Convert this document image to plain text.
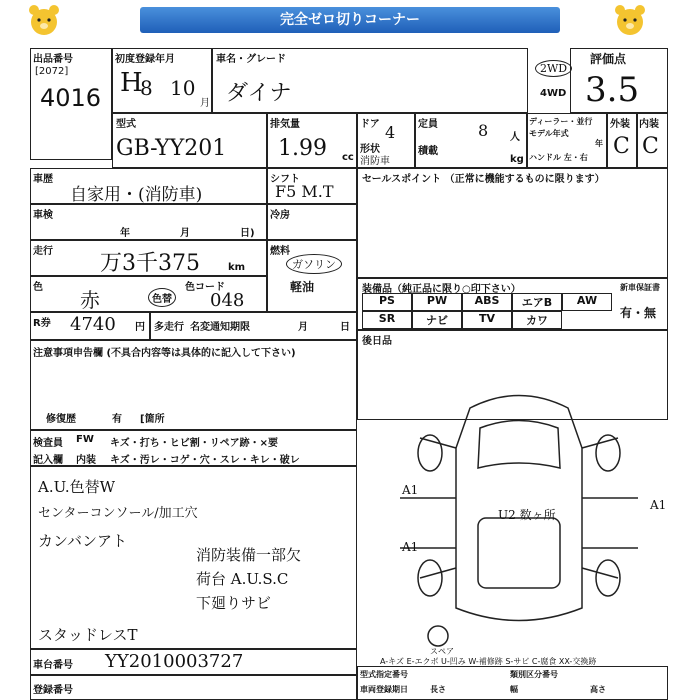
完全ゼロ切りコーナー
出品番号
[2072]
4016
初度登録年月
H
8 10
月
車名・グレード
ダイナ
2WD
4WD
評価点
3.5
型式
GB-YY201
排気量
1.99 cc
ドア 4
形状
消防車
定員	8 人
積載
kg
ディーラー・並行
モデル年式
年
ハンドル 左・右
外装
C
内装
C
車歴
自家用・(消防車)
シフト
F5 M.T
セールスポイント （正常に機能するものに限ります）
車検
年	月	日)
冷房
走行 万3千375	km
燃料
ガソリン
軽油
色
赤	色替
色コード
048
装備品（純正品に限り○印下さい）	新車保証書
有・無
R券 4740 円 多走行 名変通知期限	月	日
後日品
注意事項申告欄 (不具合内容等は具体的に記入して下さい)
修復歴	有 [箇所
検査員 FW キズ・打ち・ヒビ割・リペア跡・×要
記入欄 内装 キズ・汚レ・コゲ・穴・スレ・キレ・破レ
A.U.色替W
センターコンソール/加工穴
カンバンアト
消防装備一部欠
荷台 A.U.S.C
下廻りサビ
スタッドレスT
A1
A1
A1
U2 数ヶ所
スペア
A-キズ E-エクボ U-凹み W-補修跡 S-サビ C-腐食 XX-交換跡
車台番号 YY2010003727
登録番号
型式指定番号	類別区分番号
車両登録期日	長さ	幅	高さ
PS	PW	ABS	エアB	AW
SR	ナビ	TV	カワ
